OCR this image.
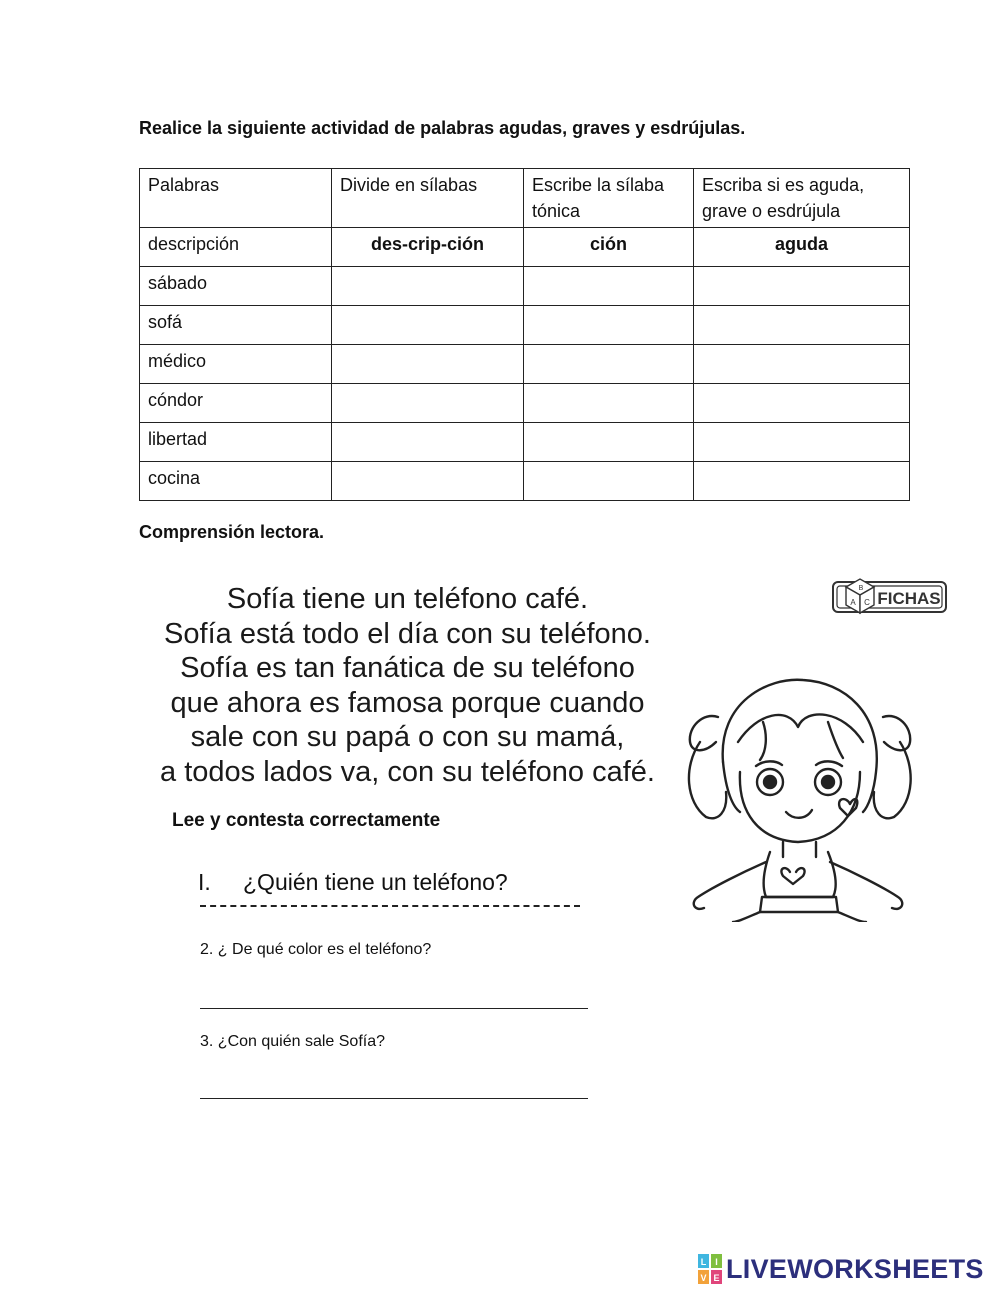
Realice la siguiente actividad de palabras agudas, graves y esdrújulas.
Palabras	Divide en sílabas	Escribe la sílaba tónica	Escriba si es aguda, grave o esdrújula
descripción	des-crip-ción	ción	aguda
sábado			
sofá			
médico			
cóndor			
libertad			
cocina			
Comprensión lectora.
Sofía tiene un teléfono café.
Sofía está todo el día con su teléfono.
Sofía es tan fanática de su teléfono
que ahora es famosa porque cuando
sale con su papá o con su mamá,
a todos lados va, con su teléfono café.
B
A C FICHAS
Lee y contesta correctamente
I. ¿Quién tiene un teléfono?
2. ¿ De qué color es el teléfono?
3. ¿Con quién sale Sofía?
L I
V E LIVEWORKSHEETS
